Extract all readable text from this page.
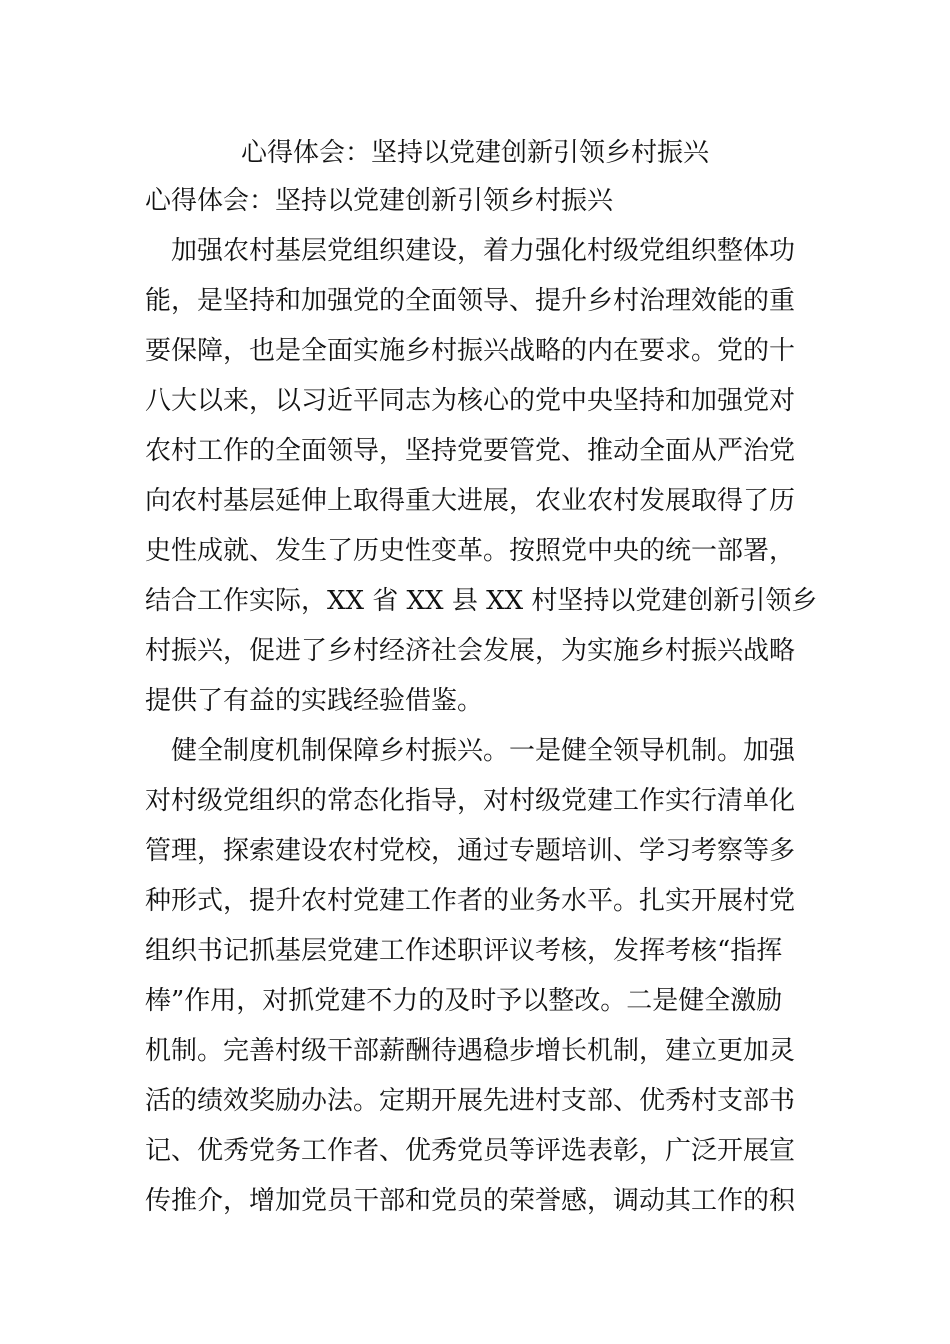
心得体会：坚持以党建创新引领乡村振兴
心得体会：坚持以党建创新引领乡村振兴

　加强农村基层党组织建设，着力强化村级党组织整体功

能，是坚持和加强党的全面领导、提升乡村治理效能的重

要保障，也是全面实施乡村振兴战略的内在要求。党的十

八大以来，以习近平同志为核心的党中央坚持和加强党对

农村工作的全面领导，坚持党要管党、推动全面从严治党

向农村基层延伸上取得重大进展，农业农村发展取得了历

史性成就、发生了历史性变革。按照党中央的统一部署，

结合工作实际，XX 省 XX 县 XX 村坚持以党建创新引领乡

村振兴，促进了乡村经济社会发展，为实施乡村振兴战略

提供了有益的实践经验借鉴。

　健全制度机制保障乡村振兴。一是健全领导机制。加强

对村级党组织的常态化指导，对村级党建工作实行清单化

管理，探索建设农村党校，通过专题培训、学习考察等多

种形式，提升农村党建工作者的业务水平。扎实开展村党

组织书记抓基层党建工作述职评议考核，发挥考核“指挥

棒”作用，对抓党建不力的及时予以整改。二是健全激励

机制。完善村级干部薪酬待遇稳步增长机制，建立更加灵

活的绩效奖励办法。定期开展先进村支部、优秀村支部书

记、优秀党务工作者、优秀党员等评选表彰，广泛开展宣

传推介，增加党员干部和党员的荣誉感，调动其工作的积
